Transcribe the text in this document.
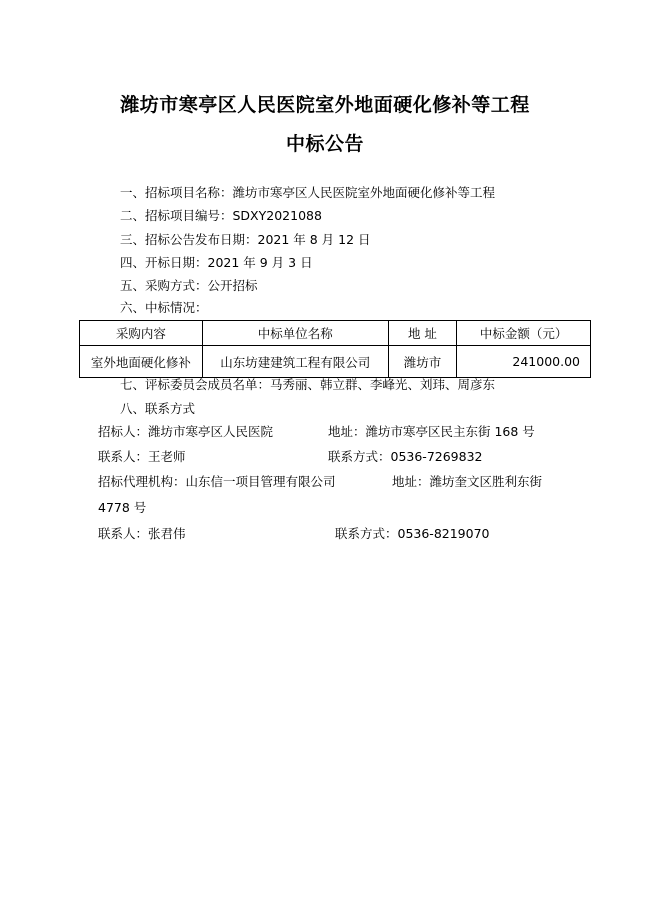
潍坊市寒亭区人民医院室外地面硬化修补等工程
中标公告
一、招标项目名称：潍坊市寒亭区人民医院室外地面硬化修补等工程
二、招标项目编号：SDXY2021088
三、招标公告发布日期：2021 年 8 月 12 日
四、开标日期：2021 年 9 月 3 日
五、采购方式：公开招标
六、中标情况：
采购内容	中标单位名称	地 址	中标金额（元）
室外地面硬化修补	山东坊建建筑工程有限公司	潍坊市	241000.00
七、评标委员会成员名单：马秀丽、韩立群、李峰光、刘玮、周彦东
八、联系方式
招标人：潍坊市寒亭区人民医院	地址：潍坊市寒亭区民主东街 168 号
联系人：王老师	联系方式：0536-7269832
招标代理机构：山东信一项目管理有限公司	地址：潍坊奎文区胜利东街
4778 号
联系人：张君伟	联系方式：0536-8219070
